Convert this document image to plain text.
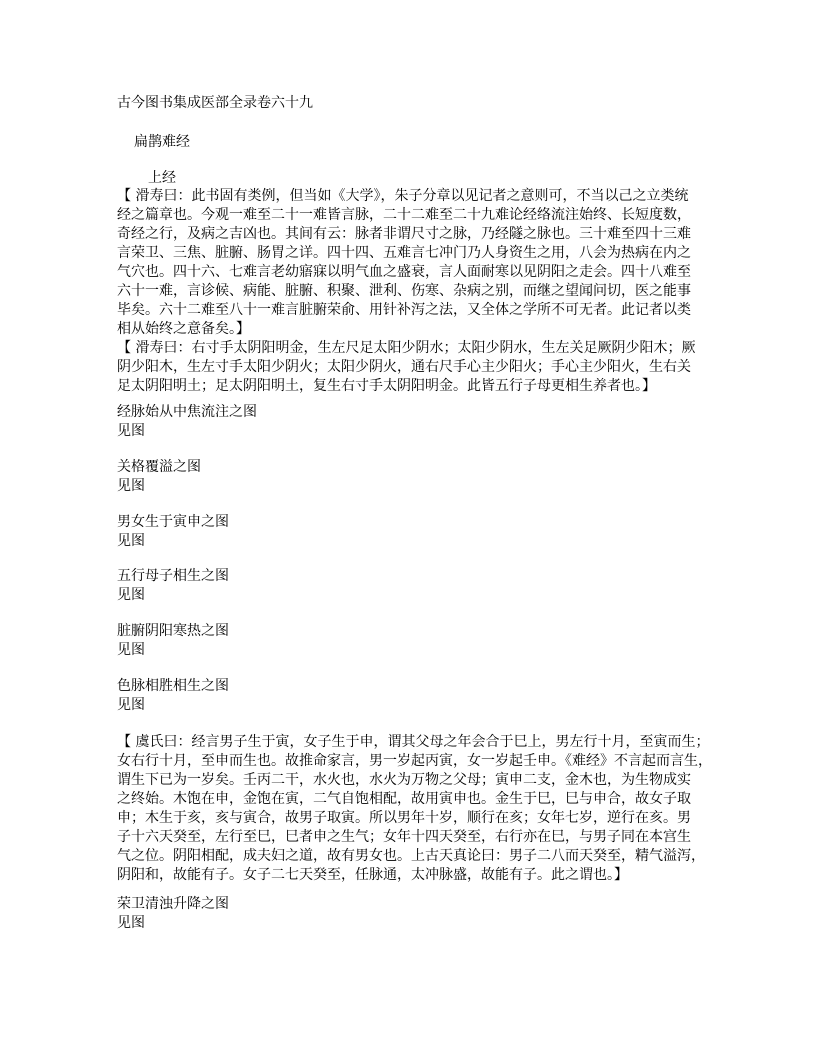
古今图书集成医部全录卷六十九
扁鹊难经
上经
【 滑寿曰：此书固有类例，但当如《大学》，朱子分章以见记者之意则可，不当以己之立类统
经之篇章也。今观一难至二十一难皆言脉，二十二难至二十九难论经络流注始终、长短度数，
奇经之行，及病之吉凶也。其间有云：脉者非谓尺寸之脉，乃经隧之脉也。三十难至四十三难
言荣卫、三焦、脏腑、肠胃之详。四十四、五难言七冲门乃人身资生之用，八会为热病在内之
气穴也。四十六、七难言老幼寤寐以明气血之盛衰，言人面耐寒以见阴阳之走会。四十八难至
六十一难，言诊候、病能、脏腑、积聚、泄利、伤寒、杂病之别，而继之望闻问切，医之能事
毕矣。六十二难至八十一难言脏腑荣俞、用针补泻之法，又全体之学所不可无者。此记者以类
相从始终之意备矣。】
【 滑寿曰：右寸手太阴阳明金，生左尺足太阳少阴水；太阳少阴水，生左关足厥阴少阳木；厥
阴少阳木，生左寸手太阳少阴火；太阳少阴火，通右尺手心主少阳火；手心主少阳火，生右关
足太阴阳明土；足太阴阳明土，复生右寸手太阴阳明金。此皆五行子母更相生养者也。】
经脉始从中焦流注之图
见图
关格覆溢之图
见图
男女生于寅申之图
见图
五行母子相生之图
见图
脏腑阴阳寒热之图
见图
色脉相胜相生之图
见图
【 虞氏曰：经言男子生于寅，女子生于申，谓其父母之年会合于巳上，男左行十月，至寅而生；
女右行十月，至申而生也。故推命家言，男一岁起丙寅，女一岁起壬申。《难经》不言起而言生，
谓生下已为一岁矣。壬丙二干，水火也，水火为万物之父母；寅申二支，金木也，为生物成实
之终始。木饱在申，金饱在寅，二气自饱相配，故用寅申也。金生于巳，巳与申合，故女子取
申；木生于亥，亥与寅合，故男子取寅。所以男年十岁，顺行在亥；女年七岁，逆行在亥。男
子十六天癸至，左行至巳，巳者申之生气；女年十四天癸至，右行亦在巳，与男子同在本宫生
气之位。阴阳相配，成夫妇之道，故有男女也。上古天真论曰：男子二八而天癸至，精气溢泻，
阴阳和，故能有子。女子二七天癸至，任脉通，太冲脉盛，故能有子。此之谓也。】
荣卫清浊升降之图
见图
